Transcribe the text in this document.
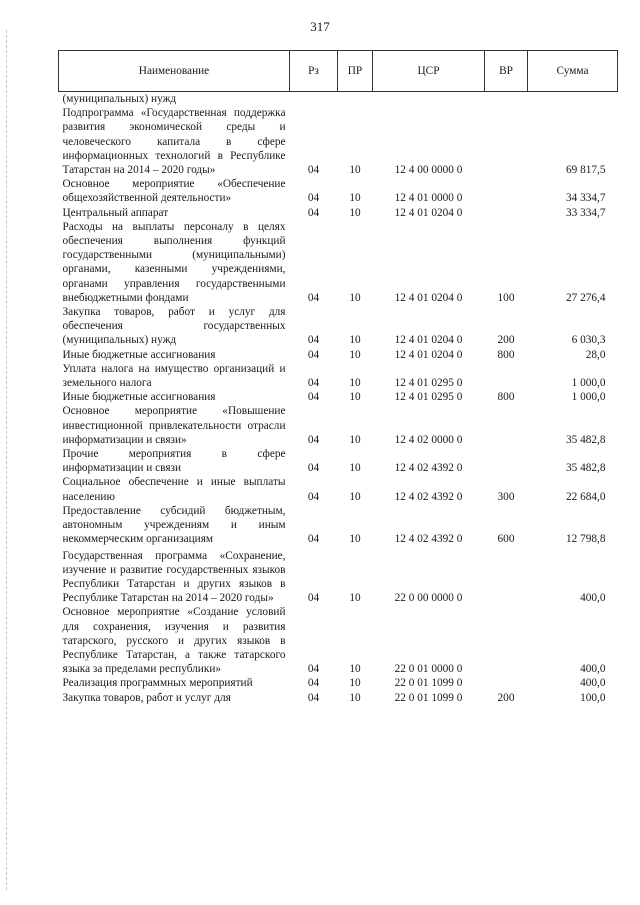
317
Наименование	Рз	ПР	ЦСР	ВР	Сумма
(муниципальных) нужд					
Подпрограмма «Государственная поддержка развития экономической среды и человеческого капитала в сфере информационных технологий в Республике Татарстан на 2014 – 2020 годы»	04	10	12 4 00 0000 0		69 817,5
Основное мероприятие «Обеспечение общехозяйственной деятельности»	04	10	12 4 01 0000 0		34 334,7
Центральный аппарат	04	10	12 4 01 0204 0		33 334,7
Расходы на выплаты персоналу в целях обеспечения выполнения функций государственными (муниципальными) органами, казенными учреждениями, органами управления государственными внебюджетными фондами	04	10	12 4 01 0204 0	100	27 276,4
Закупка товаров, работ и услуг для обеспечения государственных (муниципальных) нужд	04	10	12 4 01 0204 0	200	6 030,3
Иные бюджетные ассигнования	04	10	12 4 01 0204 0	800	28,0
Уплата налога на имущество организаций и земельного налога	04	10	12 4 01 0295 0		1 000,0
Иные бюджетные ассигнования	04	10	12 4 01 0295 0	800	1 000,0
Основное мероприятие «Повышение инвестиционной привлекательности отрасли информатизации и связи»	04	10	12 4 02 0000 0		35 482,8
Прочие мероприятия в сфере информатизации и связи	04	10	12 4 02 4392 0		35 482,8
Социальное обеспечение и иные выплаты населению	04	10	12 4 02 4392 0	300	22 684,0
Предоставление субсидий бюджетным, автономным учреждениям и иным некоммерческим организациям	04	10	12 4 02 4392 0	600	12 798,8

Государственная программа «Сохранение, изучение и развитие государственных языков Республики Татарстан и других языков в Республике Татарстан на 2014 – 2020 годы»	04	10	22 0 00 0000 0		400,0
Основное мероприятие «Создание условий для сохранения, изучения и развития татарского, русского и других языков в Республике Татарстан, а также татарского языка за пределами республики»	04	10	22 0 01 0000 0		400,0
Реализация программных мероприятий	04	10	22 0 01 1099 0		400,0
Закупка товаров, работ и услуг для	04	10	22 0 01 1099 0	200	100,0
